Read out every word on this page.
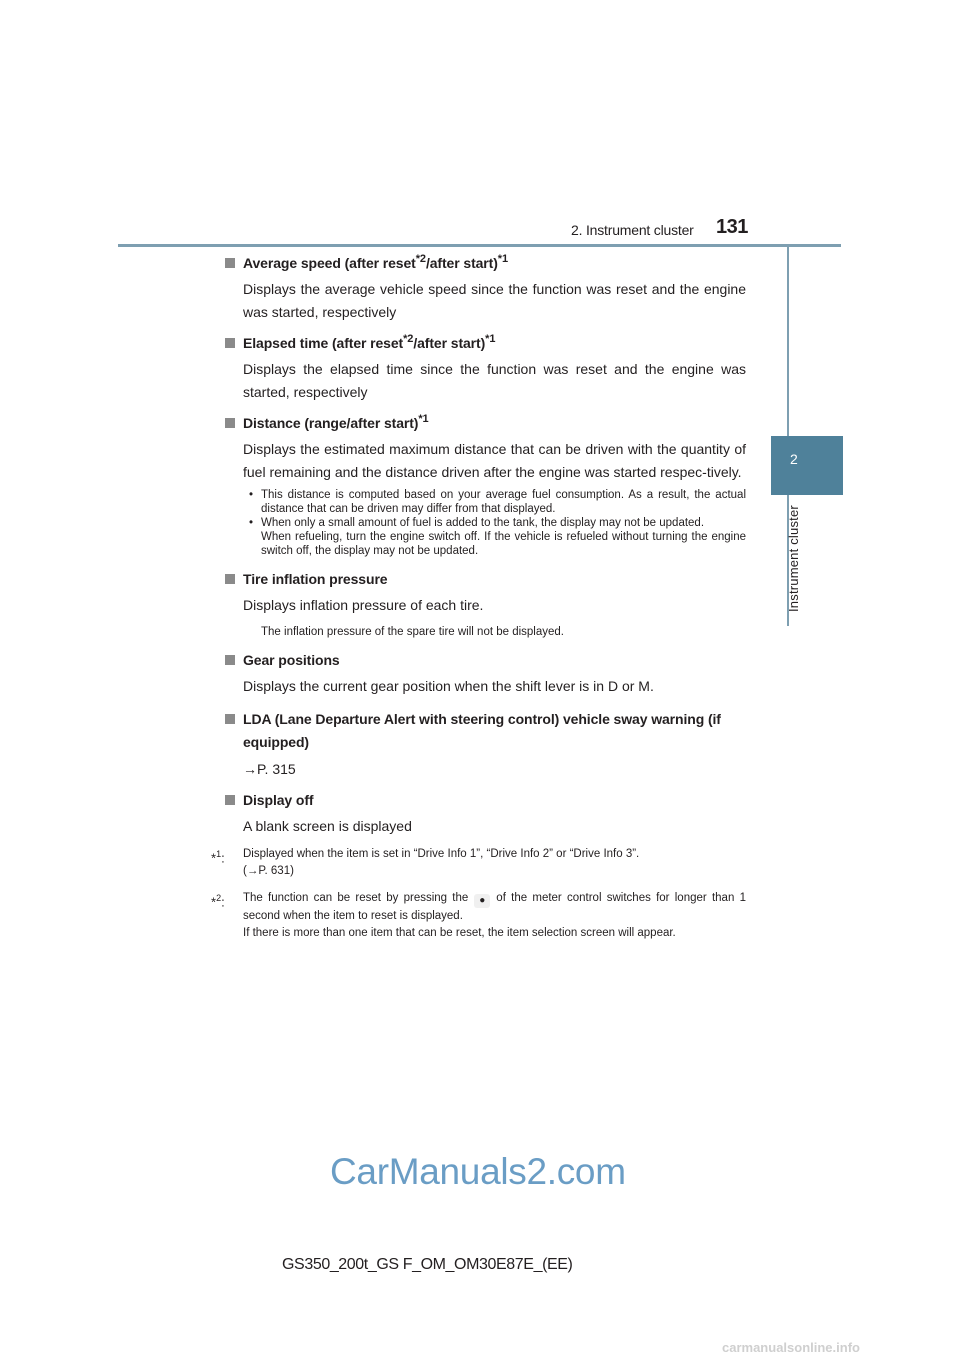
2. Instrument cluster 131
2
Instrument cluster
Average speed (after reset$^{*2}$/after start)$^{*1}$
Displays the average vehicle speed since the function was reset and the engine was started, respectively
Elapsed time (after reset$^{*2}$/after start)$^{*1}$
Displays the elapsed time since the function was reset and the engine was started, respectively
Distance (range/after start)$^{*1}$
Displays the estimated maximum distance that can be driven with the quantity of fuel remaining and the distance driven after the engine was started respec-tively.
• This distance is computed based on your average fuel consumption. As a result, the actual distance that can be driven may differ from that displayed.
• When only a small amount of fuel is added to the tank, the display may not be updated.
When refueling, turn the engine switch off. If the vehicle is refueled without turning the engine switch off, the display may not be updated.
Tire inflation pressure
Displays inflation pressure of each tire.
The inflation pressure of the spare tire will not be displayed.
Gear positions
Displays the current gear position when the shift lever is in D or M.
LDA (Lane Departure Alert with steering control) vehicle sway warning (if equipped)
→P. 315
Display off
A blank screen is displayed
*$^1$: Displayed when the item is set in “Drive Info 1”, “Drive Info 2” or “Drive Info 3”.
(→P. 631)
*$^2$: The function can be reset by pressing the ● of the meter control switches for longer than 1 second when the item to reset is displayed.
If there is more than one item that can be reset, the item selection screen will appear.
CarManuals2.com
GS350_200t_GS F_OM_OM30E87E_(EE)
carmanualsonline.info
